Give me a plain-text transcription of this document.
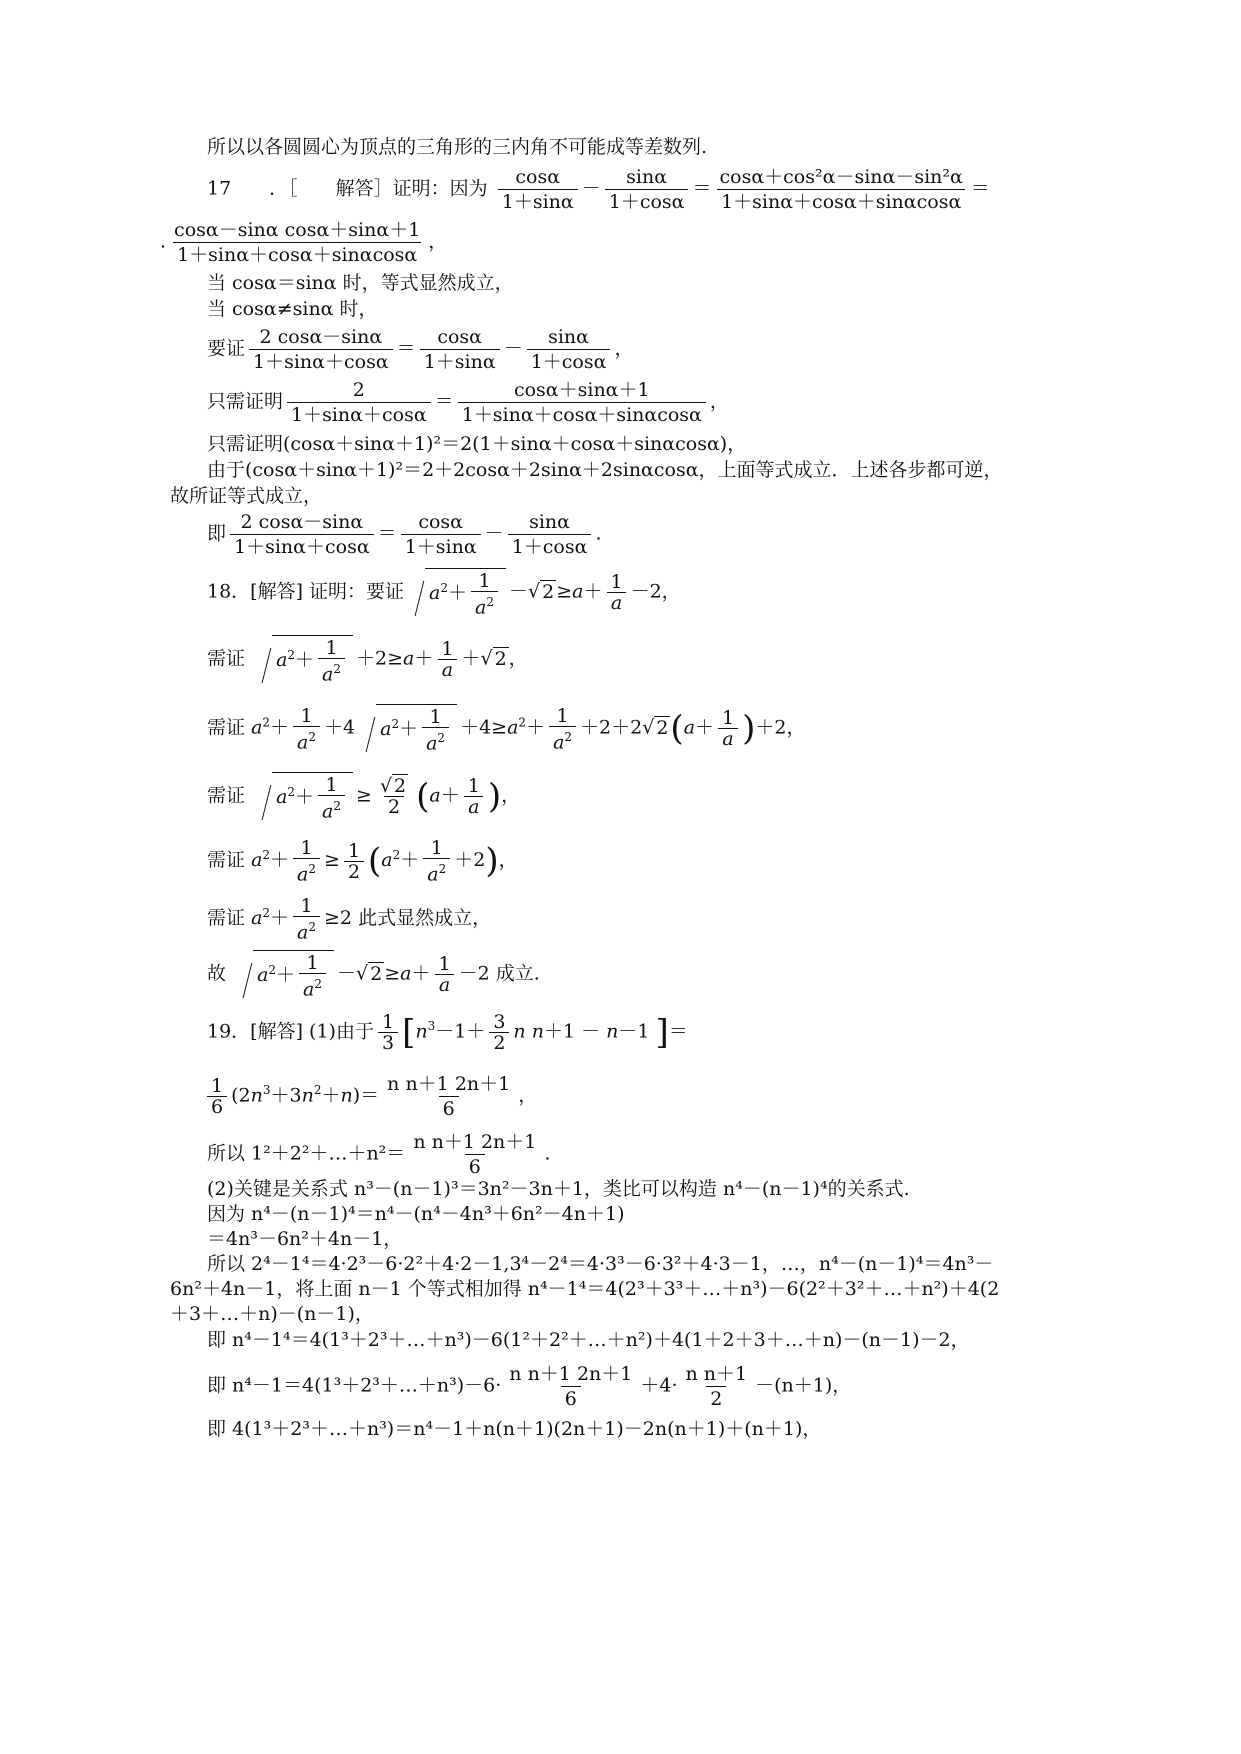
所以以各圆圆心为顶点的三角形的三内角不可能成等差数列.
17　　．［　　解答］证明：因为 $\frac{\cos\alpha}{1+\sin\alpha} - \frac{\sin\alpha}{1+\cos\alpha} = \frac{\text{cosα＋cos²α－sinα－sin²α}}{1+\sin\alpha+\cos\alpha+\sin\alpha\cos\alpha}$ ＝
. $\frac{\text{cosα－sinα cosα＋sinα＋1}}{1+\sin\alpha+\cos\alpha+\sin\alpha\cos\alpha}$ ，
当 cosα＝sinα 时，等式显然成立，
当 cosα≠sinα 时，
要证 $\frac{2 \cos\alpha-\sin\alpha}{1+\sin\alpha+\cos\alpha} = \frac{\cos\alpha}{1+\sin\alpha} - \frac{\sin\alpha}{1+\cos\alpha}$ ，
只需证明 $\frac{2}{1+\sin\alpha+\cos\alpha} = \frac{\cos\alpha+\sin\alpha+1}{1+\sin\alpha+\cos\alpha+\sin\alpha\cos\alpha}$ ，
只需证明(cosα＋sinα＋1)²＝2(1＋sinα＋cosα＋sinαcosα)，
由于(cosα＋sinα＋1)²＝2＋2cosα＋2sinα＋2sinαcosα，上面等式成立．上述各步都可逆，
故所证等式成立，
即 $\frac{2 \cos\alpha-\sin\alpha}{1+\sin\alpha+\cos\alpha} = \frac{\cos\alpha}{1+\sin\alpha} - \frac{\sin\alpha}{1+\cos\alpha}$ .
18．[解答] 证明：要证 $a^2+ \frac{1}{a^2}$ －√ $2 \ge a+ \frac{1}{a} -2$，
需证 $a^2+ \frac{1}{a^2} +2\ge a+ \frac{1}{a}$ ＋√ 2 ，
需证 $a^2+ \frac{1}{a^2} +4$ $a^2+ \frac{1}{a^2} +4\ge a^2+ \frac{1}{a^2} +2+2√$ $2(a+ \frac{1}{a} )+2$，
需证 $a^2+ \frac{1}{a^2} \ge \frac{√ 2}{2} (a+ \frac{1}{a}$ )，
需证 $a^2+ \frac{1}{a^2} \ge \frac{1}{2} (a^2+ \frac{1}{a^2} +2)$，
需证 $a^2+ \frac{1}{a^2} \ge 2$ 此式显然成立，
故 $a^2+ \frac{1}{a^2}$ －√ $2 \ge a+ \frac{1}{a} -2$ 成立.
19．[解答] (1)由于 $\frac{1}{3} [n^3-1+ \frac{3}{2}$ n n＋1 － n－1 ]＝
$\frac{1}{6} (2n^3+3n^2+n)= \frac{\text{n n＋1 2n＋1}}{6}$ ，
所以 1²＋2²＋…＋n²＝ $\frac{\text{n n＋1 2n＋1}}{6}$ .
(2)关键是关系式 n³－(n－1)³＝3n²－3n＋1，类比可以构造 n⁴－(n－1)⁴的关系式.
因为 n⁴－(n－1)⁴＝n⁴－(n⁴－4n³＋6n²－4n＋1)
＝4n³－6n²＋4n－1，
所以 2⁴－1⁴＝4·2³－6·2²＋4·2－1,3⁴－2⁴＝4·3³－6·3²＋4·3－1，…，n⁴－(n－1)⁴＝4n³－
6n²＋4n－1，将上面 n－1 个等式相加得 n⁴－1⁴＝4(2³＋3³＋…＋n³)－6(2²＋3²＋…＋n²)＋4(2
＋3＋…＋n)－(n－1)，
即 n⁴－1⁴＝4(1³＋2³＋…＋n³)－6(1²＋2²＋…＋n²)＋4(1＋2＋3＋…＋n)－(n－1)－2，
即 n⁴－1＝4(1³＋2³＋…＋n³)－6· $\frac{\text{n n＋1 2n＋1}}{6} +4\cdot \frac{\text{n n＋1}}{2} -(n+1)$，
即 4(1³＋2³＋…＋n³)＝n⁴－1＋n(n＋1)(2n＋1)－2n(n＋1)＋(n＋1)，
